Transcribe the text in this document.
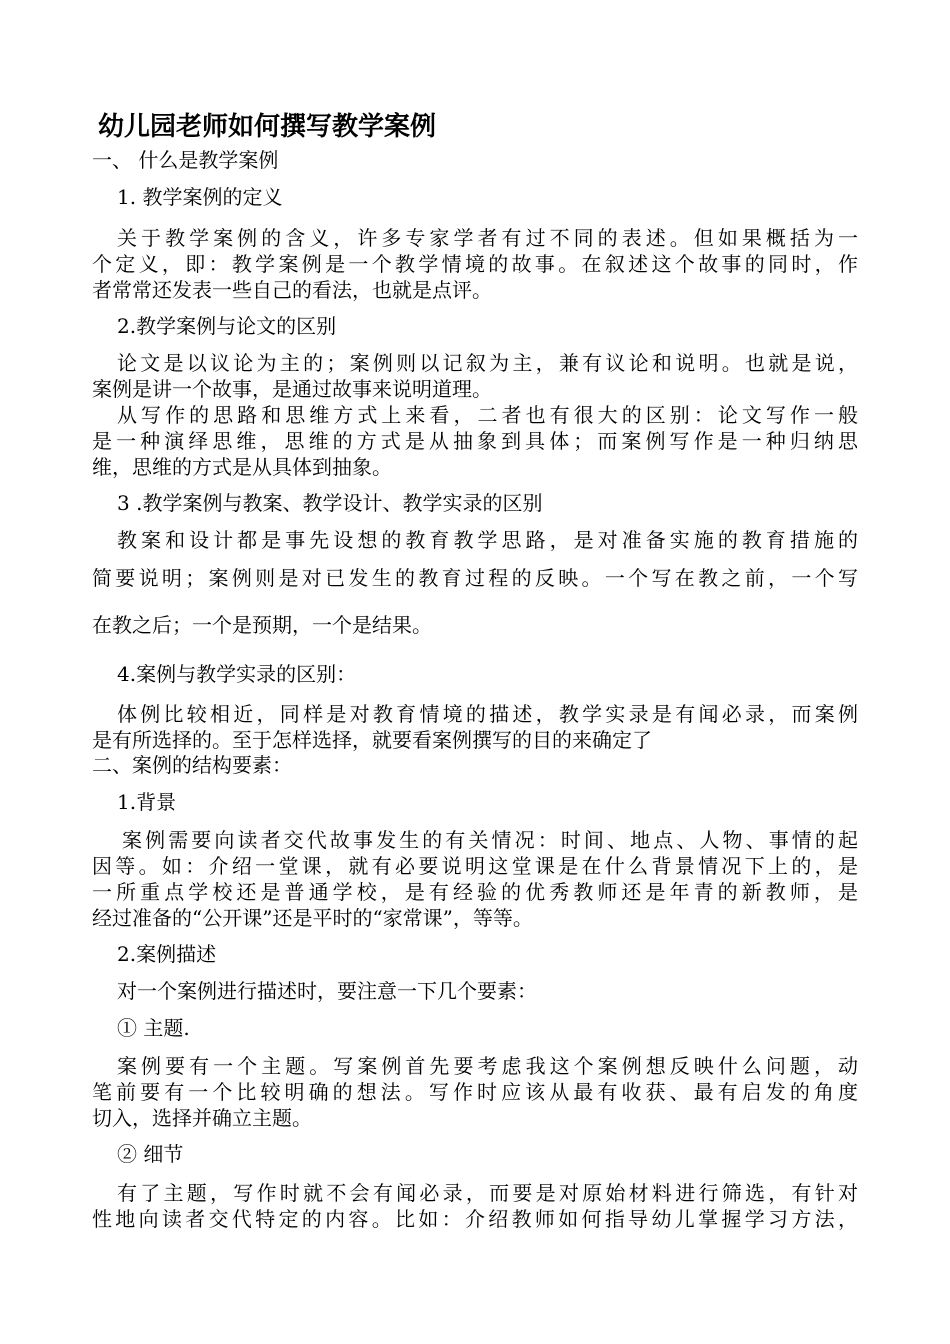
幼儿园老师如何撰写教学案例
一、 什么是教学案例
1. 教学案例的定义
关于教学案例的含义，许多专家学者有过不同的表述。但如果概括为一
个定义，即：教学案例是一个教学情境的故事。在叙述这个故事的同时，作
者常常还发表一些自己的看法，也就是点评。
2.教学案例与论文的区别
论文是以议论为主的；案例则以记叙为主，兼有议论和说明。也就是说，
案例是讲一个故事，是通过故事来说明道理。
从写作的思路和思维方式上来看，二者也有很大的区别：论文写作一般
是一种演绎思维，思维的方式是从抽象到具体；而案例写作是一种归纳思
维，思维的方式是从具体到抽象。
3 .教学案例与教案、教学设计、教学实录的区别
教案和设计都是事先设想的教育教学思路，是对准备实施的教育措施的
简要说明；案例则是对已发生的教育过程的反映。一个写在教之前，一个写
在教之后；一个是预期，一个是结果。
4.案例与教学实录的区别：
体例比较相近，同样是对教育情境的描述，教学实录是有闻必录，而案例
是有所选择的。至于怎样选择，就要看案例撰写的目的来确定了
二、案例的结构要素：
1.背景
案例需要向读者交代故事发生的有关情况：时间、地点、人物、事情的起
因等。如：介绍一堂课，就有必要说明这堂课是在什么背景情况下上的，是
一所重点学校还是普通学校，是有经验的优秀教师还是年青的新教师，是
经过准备的“公开课”还是平时的“家常课”，等等。
2.案例描述
对一个案例进行描述时，要注意一下几个要素：
① 主题.
案例要有一个主题。写案例首先要考虑我这个案例想反映什么问题，动
笔前要有一个比较明确的想法。写作时应该从最有收获、最有启发的角度
切入，选择并确立主题。
② 细节
有了主题，写作时就不会有闻必录，而要是对原始材料进行筛选，有针对
性地向读者交代特定的内容。比如：介绍教师如何指导幼儿掌握学习方法，
